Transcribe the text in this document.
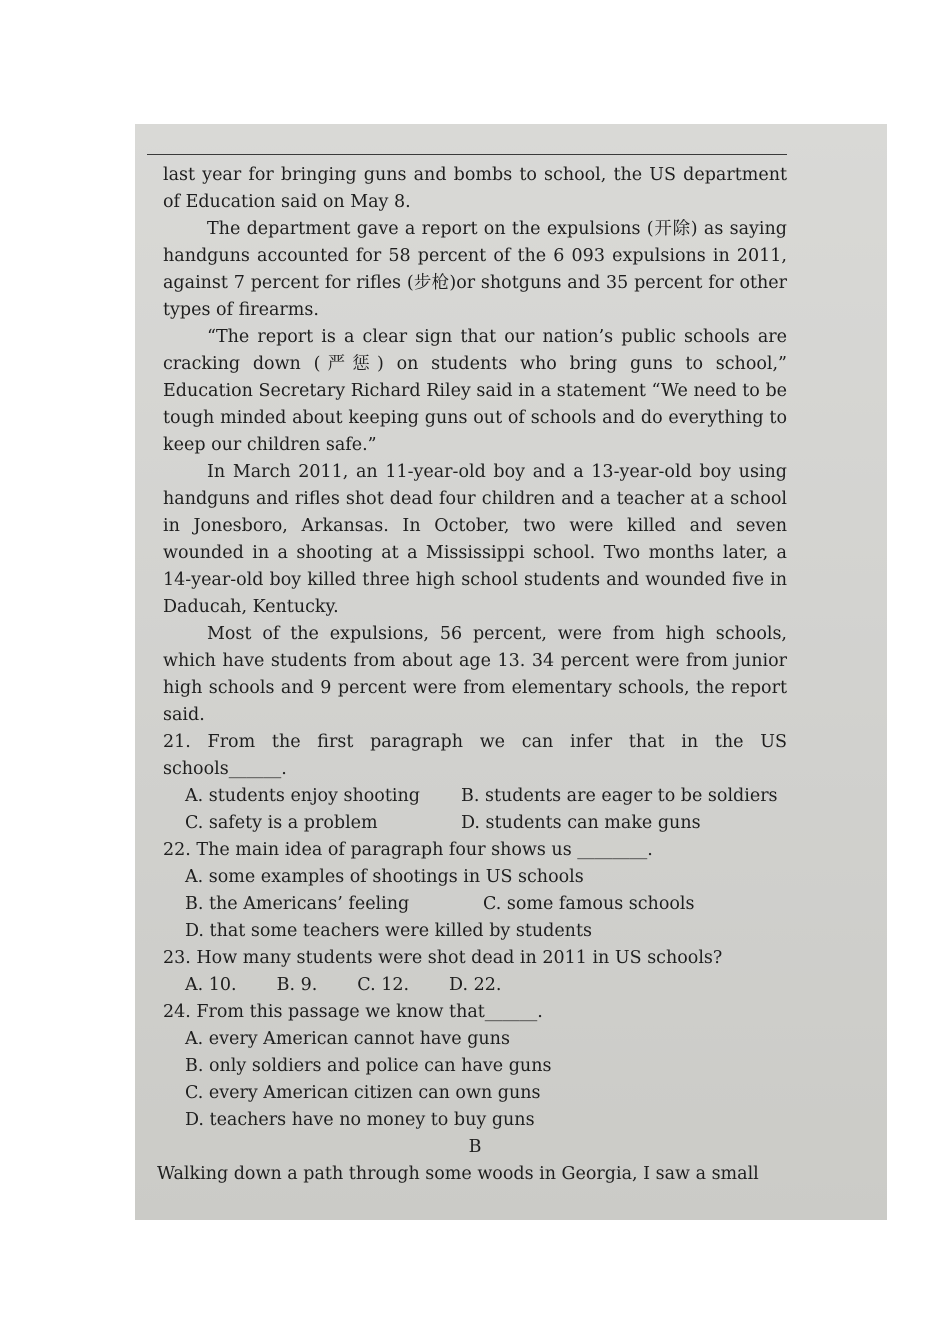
last year for bringing guns and bombs to school, the US department of Education said on May 8.

The department gave a report on the expulsions (开除) as saying handguns accounted for 58 percent of the 6 093 expulsions in 2011, against 7 percent for rifles (步枪)or shotguns and 35 percent for other types of firearms.

“The report is a clear sign that our nation’s public schools are cracking down (严惩) on students who bring guns to school,” Education Secretary Richard Riley said in a statement “We need to be tough minded about keeping guns out of schools and do everything to keep our children safe.”

In March 2011, an 11-year-old boy and a 13-year-old boy using handguns and rifles shot dead four children and a teacher at a school in Jonesboro, Arkansas. In October, two were killed and seven wounded in a shooting at a Mississippi school. Two months later, a 14-year-old boy killed three high school students and wounded five in Daducah, Kentucky.

Most of the expulsions, 56 percent, were from high schools, which have students from about age 13. 34 percent were from junior high schools and 9 percent were from elementary schools, the report said.

21. From the first paragraph we can infer that in the US schools______.

A. students enjoy shooting B. students are eager to be soldiers
C. safety is a problem	D. students can make guns

22. The main idea of paragraph four shows us ________.

A. some examples of shootings in US schools
B. the Americans’ feeling	C. some famous schools
D. that some teachers were killed by students

23. How many students were shot dead in 2011 in US schools?

A. 10. B. 9. C. 12. D. 22.

24. From this passage we know that______.

A. every American cannot have guns
B. only soldiers and police can have guns
C. every American citizen can own guns
D. teachers have no money to buy guns

B

Walking down a path through some woods in Georgia, I saw a small
